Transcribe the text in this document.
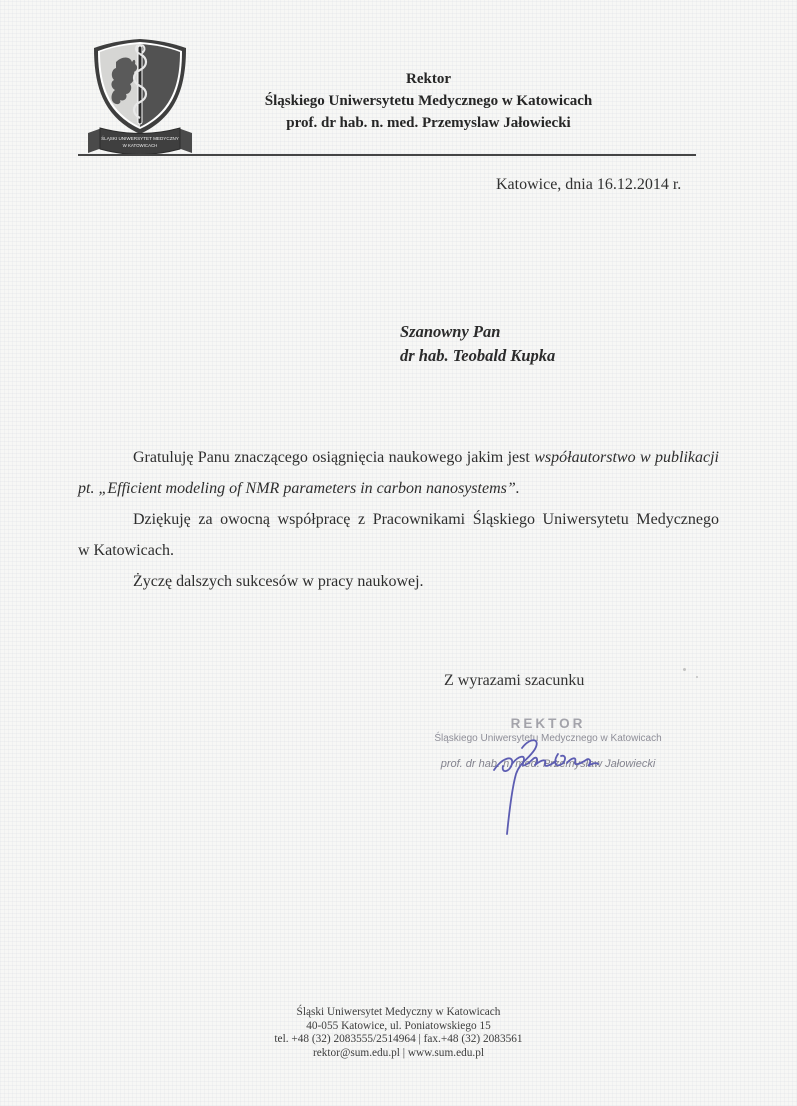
ŚLĄSKI UNIWERSYTET MEDYCZNY
W KATOWICACH
Rektor
Śląskiego Uniwersytetu Medycznego w Katowicach
prof. dr hab. n. med. Przemyslaw Jałowiecki
Katowice, dnia 16.12.2014 r.
Szanowny Pan
dr hab. Teobald Kupka
Gratuluję Panu znaczącego osiągnięcia naukowego jakim jest współautorstwo w publikacji
pt. „Efficient modeling of NMR parameters in carbon nanosystems”.
Dziękuję za owocną współpracę z Pracownikami Śląskiego Uniwersytetu Medycznego
w Katowicach.
Życzę dalszych sukcesów w pracy naukowej.
Z wyrazami szacunku
REKTOR
Śląskiego Uniwersytetu Medycznego w Katowicach
prof. dr hab. n. med. Przemysław Jałowiecki
Śląski Uniwersytet Medyczny w Katowicach
40-055 Katowice, ul. Poniatowskiego 15
tel. +48 (32) 2083555/2514964 | fax.+48 (32) 2083561
rektor@sum.edu.pl | www.sum.edu.pl
